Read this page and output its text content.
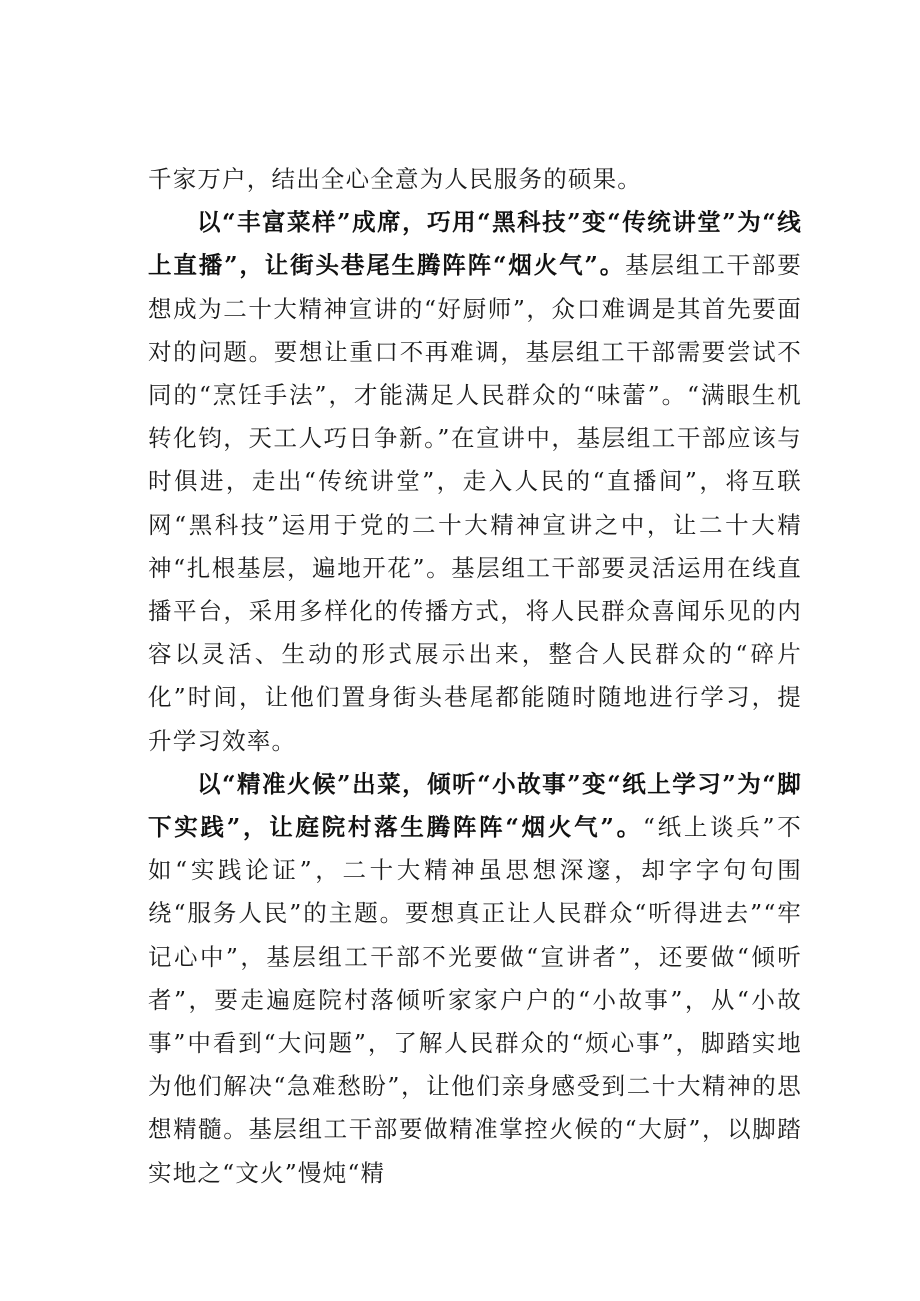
千家万户，结出全心全意为人民服务的硕果。

以“丰富菜样”成席，巧用“黑科技”变“传统讲堂”为“线上直播”，让街头巷尾生腾阵阵“烟火气”。基层组工干部要想成为二十大精神宣讲的“好厨师”，众口难调是其首先要面对的问题。要想让重口不再难调，基层组工干部需要尝试不同的“烹饪手法”，才能满足人民群众的“味蕾”。“满眼生机转化钧，天工人巧日争新。”在宣讲中，基层组工干部应该与时俱进，走出“传统讲堂”，走入人民的“直播间”，将互联网“黑科技”运用于党的二十大精神宣讲之中，让二十大精神“扎根基层，遍地开花”。基层组工干部要灵活运用在线直播平台，采用多样化的传播方式，将人民群众喜闻乐见的内容以灵活、生动的形式展示出来，整合人民群众的“碎片化”时间，让他们置身街头巷尾都能随时随地进行学习，提升学习效率。

以“精准火候”出菜，倾听“小故事”变“纸上学习”为“脚下实践”，让庭院村落生腾阵阵“烟火气”。“纸上谈兵”不如“实践论证”，二十大精神虽思想深邃，却字字句句围绕“服务人民”的主题。要想真正让人民群众“听得进去”“牢记心中”，基层组工干部不光要做“宣讲者”，还要做“倾听者”，要走遍庭院村落倾听家家户户的“小故事”，从“小故事”中看到“大问题”，了解人民群众的“烦心事”，脚踏实地为他们解决“急难愁盼”，让他们亲身感受到二十大精神的思想精髓。基层组工干部要做精准掌控火候的“大厨”，以脚踏实地之“文火”慢炖“精
